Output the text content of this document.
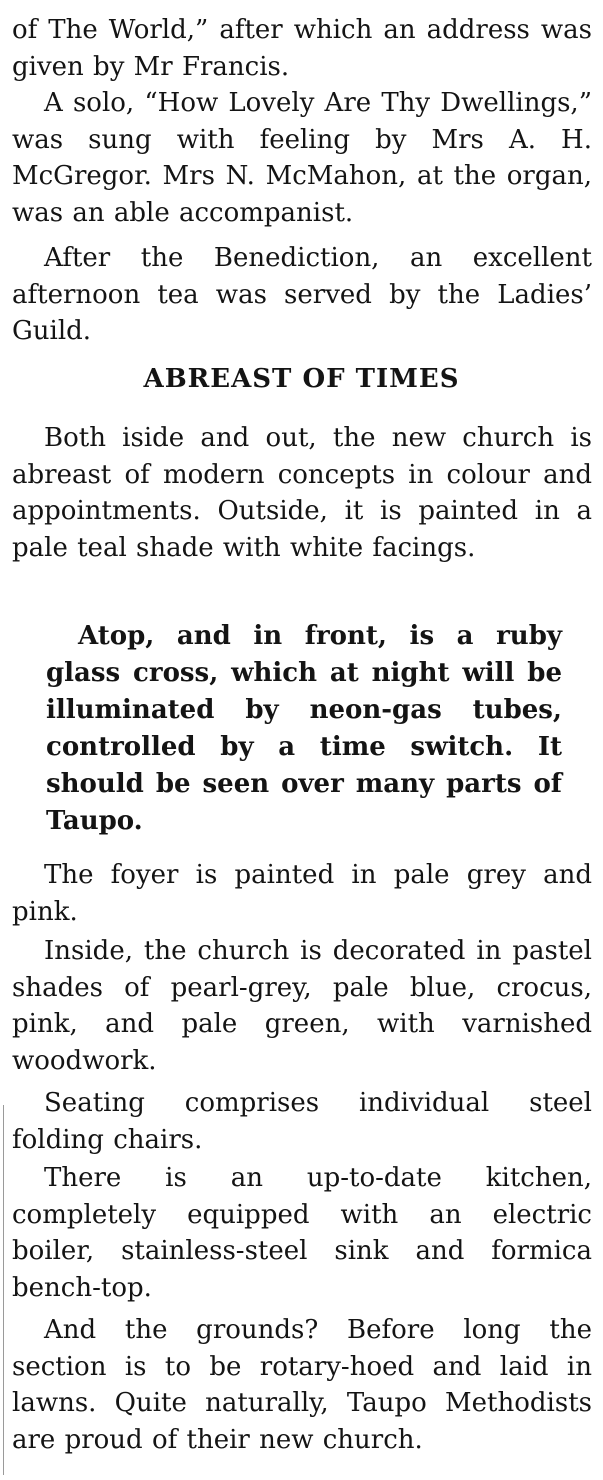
of The World,” after which an address was given by Mr Francis.

A solo, “How Lovely Are Thy Dwellings,” was sung with feeling by Mrs A. H. McGregor. Mrs N. McMahon, at the organ, was an able accompanist.

After the Benediction, an excellent afternoon tea was served by the Ladies’ Guild.

ABREAST OF TIMES

Both iside and out, the new church is abreast of modern concepts in colour and appointments. Outside, it is painted in a pale teal shade with white facings.

Atop, and in front, is a ruby glass cross, which at night will be illuminated by neon-gas tubes, controlled by a time switch. It should be seen over many parts of Taupo.

The foyer is painted in pale grey and pink.

Inside, the church is decorated in pastel shades of pearl-grey, pale blue, crocus, pink, and pale green, with varnished woodwork.

Seating comprises individual steel folding chairs.

There is an up-to-date kitchen, completely equipped with an electric boiler, stainless-steel sink and formica bench-top.

And the grounds? Before long the section is to be rotary-hoed and laid in lawns. Quite naturally, Taupo Methodists are proud of their new church.
